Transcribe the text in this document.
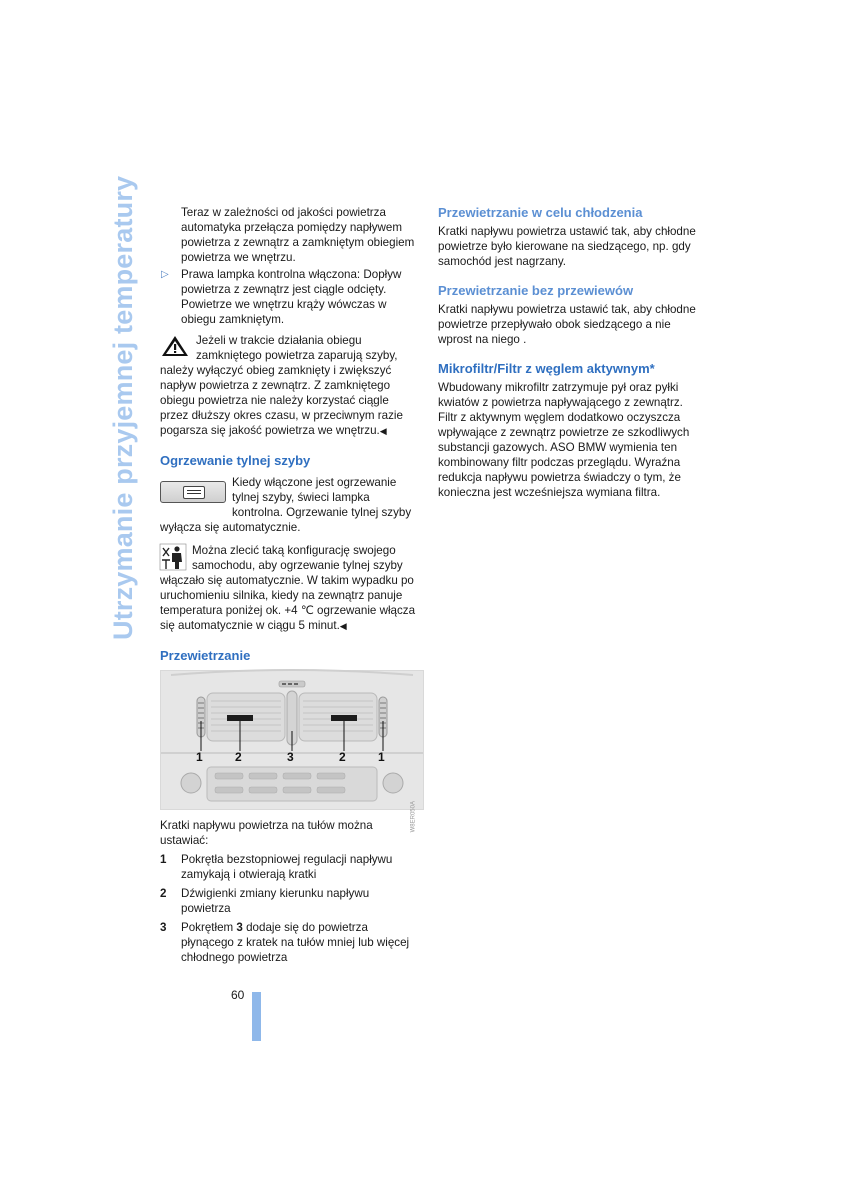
Utrzymanie przyjemnej temperatury	Teraz w zależności od jakości powietrza automatyka przełącza pomiędzy napływem powietrza z zewnątrz a zamkniętym obiegiem powietrza we wnętrzu.

▷ Prawa lampka kontrolna włączona: Dopływ powietrza z zewnątrz jest ciągle odcięty. Powietrze we wnętrzu krąży wówczas w obiegu zamkniętym.
Jeżeli w trakcie działania obiegu zamkniętego powietrza zaparują szyby, należy wyłączyć obieg zamknięty i zwiększyć napływ powietrza z zewnątrz. Z zamkniętego obiegu powietrza nie należy korzystać ciągle przez dłuższy okres czasu, w przeciwnym razie pogarsza się jakość powietrza we wnętrzu.◀
Ogrzewanie tylnej szyby
Kiedy włączone jest ogrzewanie tylnej szyby, świeci lampka kontrolna. Ogrzewanie tylnej szyby wyłącza się automatycznie.
Można zlecić taką konfigurację swojego samochodu, aby ogrzewanie tylnej szyby włączało się automatycznie. W takim wypadku po uruchomieniu silnika, kiedy na zewnątrz panuje temperatura poniżej ok. +4 ℃ ogrzewanie włącza się automatycznie w ciągu 5 minut.◀
Przewietrzanie
1	2	3	2	1
W8ER050A

Kratki napływu powietrza na tułów można ustawiać:

1 Pokrętła bezstopniowej regulacji napływu zamykają i otwierają kratki
2 Dźwigienki zmiany kierunku napływu powietrza
3 Pokrętłem 3 dodaje się do powietrza płynącego z kratek na tułów mniej lub więcej chłodnego powietrza
Przewietrzanie w celu chłodzenia

Kratki napływu powietrza ustawić tak, aby chłodne powietrze było kierowane na siedzącego, np. gdy samochód jest nagrzany.

Przewietrzanie bez przewiewów

Kratki napływu powietrza ustawić tak, aby chłodne powietrze przepływało obok siedzącego a nie wprost na niego .

Mikrofiltr/Filtr z węglem aktywnym*

Wbudowany mikrofiltr zatrzymuje pył oraz pyłki kwiatów z powietrza napływającego z zewnątrz. Filtr z aktywnym węglem dodatkowo oczyszcza wpływające z zewnątrz powietrze ze szkodliwych substancji gazowych. ASO BMW wymienia ten kombinowany filtr podczas przeglądu. Wyraźna redukcja napływu powietrza świadczy o tym, że konieczna jest wcześniejsza wymiana filtra.

60
